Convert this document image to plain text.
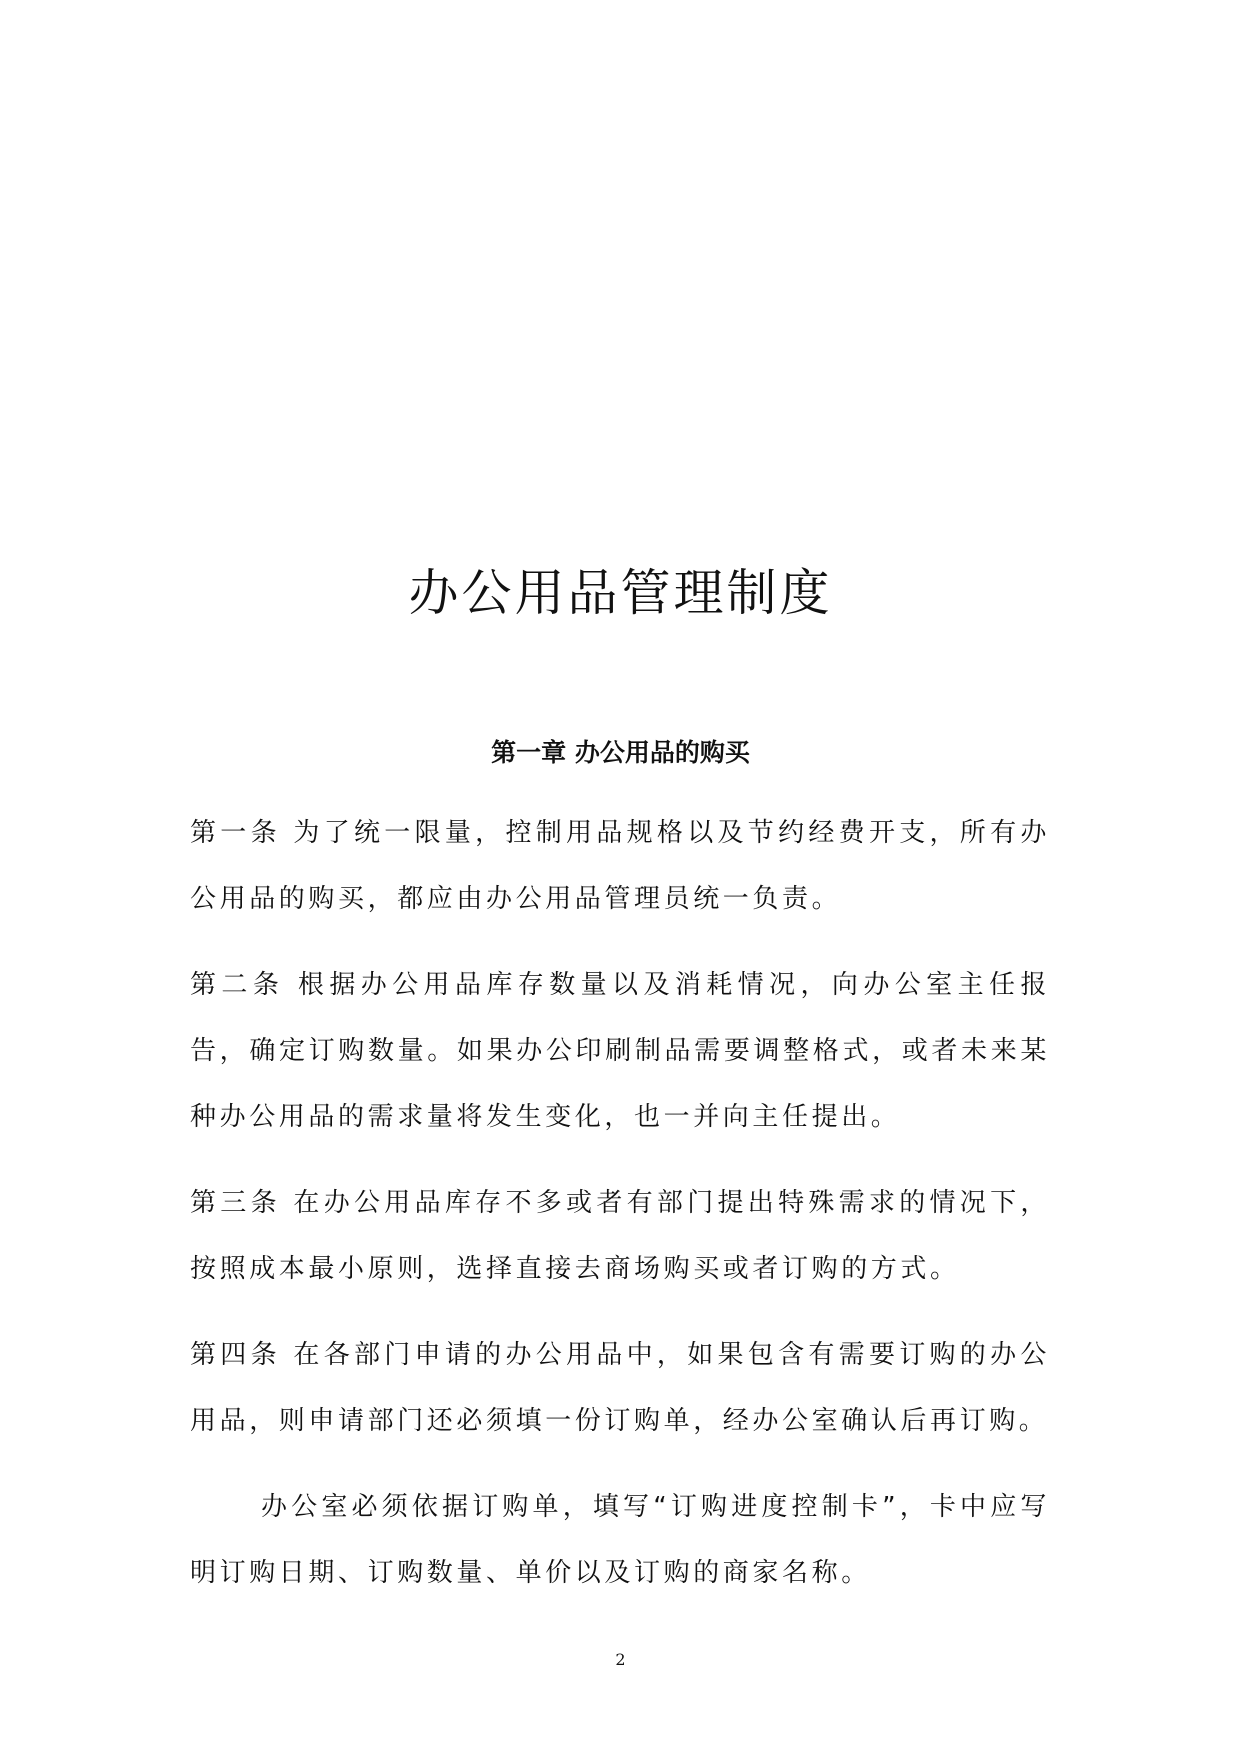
办公用品管理制度
第一章 办公用品的购买

第一条 为了统一限量，控制用品规格以及节约经费开支，所有办公用品的购买，都应由办公用品管理员统一负责。

第二条 根据办公用品库存数量以及消耗情况，向办公室主任报告，确定订购数量。如果办公印刷制品需要调整格式，或者未来某种办公用品的需求量将发生变化，也一并向主任提出。

第三条 在办公用品库存不多或者有部门提出特殊需求的情况下，按照成本最小原则，选择直接去商场购买或者订购的方式。

第四条 在各部门申请的办公用品中，如果包含有需要订购的办公用品，则申请部门还必须填一份订购单，经办公室确认后再订购。

办公室必须依据订购单，填写“订购进度控制卡”，卡中应写明订购日期、订购数量、单价以及订购的商家名称。

2
